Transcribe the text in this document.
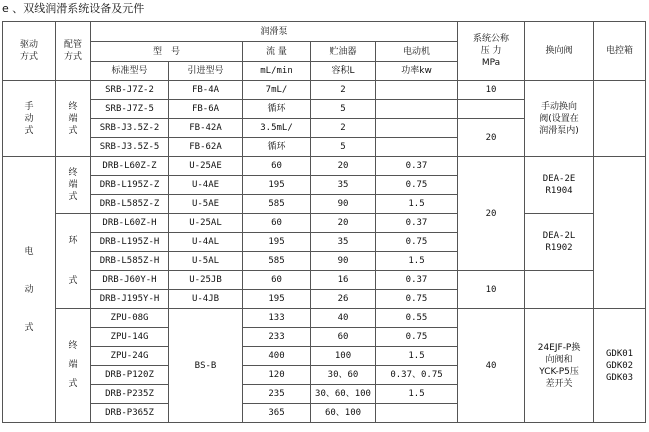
e 、双线润滑系统设备及元件
驱动
方式	配管
方式	润滑泵					系统公称
压 力
MPa	换向阀	电控箱
		型　号		流 量	贮油器	电动机			
		标准型号	引进型号	mL/min	容积L	功率kw			

手
动
式	终
端
式	SRB-J7Z-2	FB-4A	7mL/	2		10	手动换向
阀(设置在
润滑泵内)	

		SRB-J7Z-5	FB-6A	循环	5				
		SRB-J3.5Z-2	FB-42A	3.5mL/	2		20		
		SRB-J3.5Z-5	FB-62A	循环	5				

电
动
式	终
端
式	DRB-L60Z-Z	U-25AE	60	20	0.37	20	DEA-2E
R1904	

		DRB-L195Z-Z	U-4AE	195	35	0.75			
		DRB-L585Z-Z	U-5AE	585	90	1.5			

	环
式	DRB-L60Z-H	U-25AL	60	20	0.37		DEA-2L
R1902	

		DRB-L195Z-H	U-4AL	195	35	0.75			
		DRB-L585Z-H	U-5AL	585	90	1.5			
		DRB-J60Y-H	U-25JB	60	16	0.37	10		
		DRB-J195Y-H	U-4JB	195	26	0.75			

	终
端
式	ZPU-08G	BS-B	133	40	0.55	40	24EJF-P换
向阀和
YCK-P5压
差开关	GDK01
GDK02
GDK03

		ZPU-14G		233	60	0.75			
		ZPU-24G		400	100	1.5			
		DRB-P120Z		120	30、60	0.37、0.75			
		DRB-P235Z		235	30、60、100	1.5			
		DRB-P365Z		365	60、100				
